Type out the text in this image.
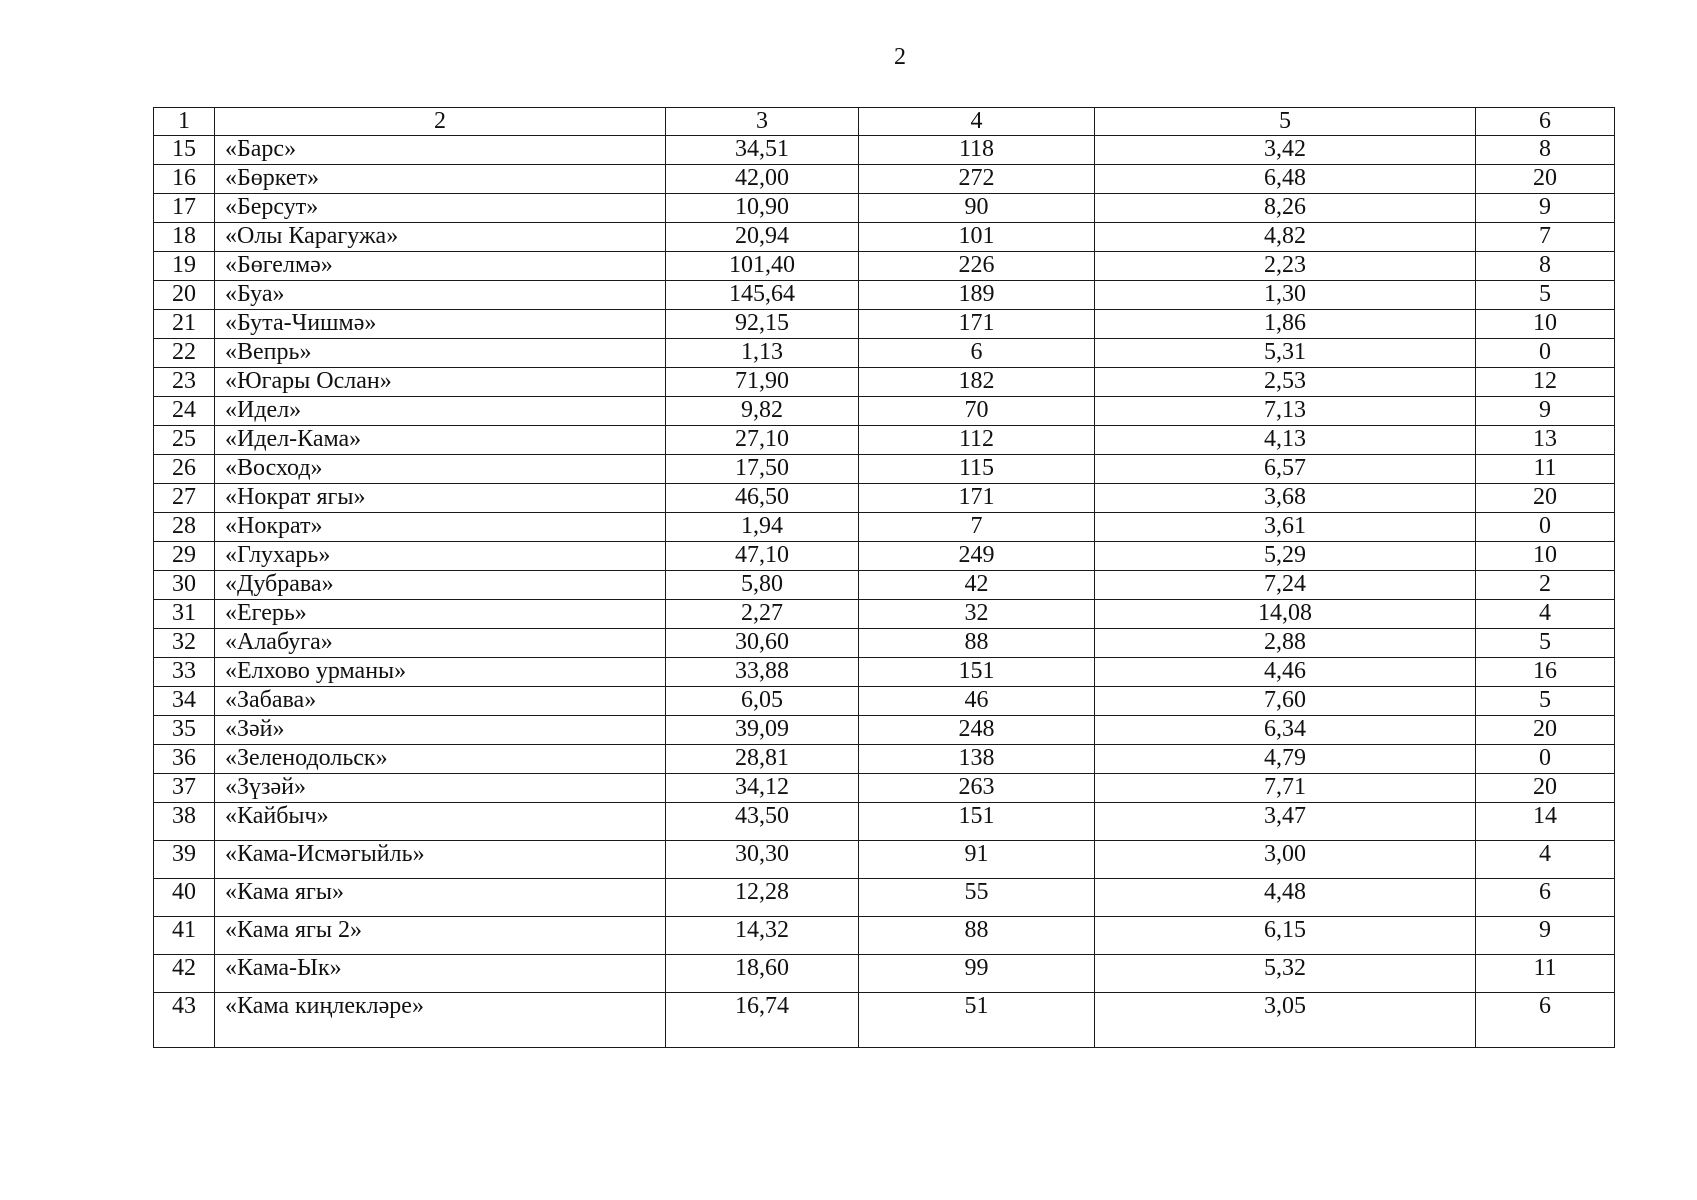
2
1	2	3	4	5	6
15	«Барс»	34,51	118	3,42	8
16	«Бөркет»	42,00	272	6,48	20
17	«Берсут»	10,90	90	8,26	9
18	«Олы Карагужа»	20,94	101	4,82	7
19	«Бөгелмә»	101,40	226	2,23	8
20	«Буа»	145,64	189	1,30	5
21	«Бута-Чишмә»	92,15	171	1,86	10
22	«Вепрь»	1,13	6	5,31	0
23	«Югары Ослан»	71,90	182	2,53	12
24	«Идел»	9,82	70	7,13	9
25	«Идел-Кама»	27,10	112	4,13	13
26	«Восход»	17,50	115	6,57	11
27	«Нократ ягы»	46,50	171	3,68	20
28	«Нократ»	1,94	7	3,61	0
29	«Глухарь»	47,10	249	5,29	10
30	«Дубрава»	5,80	42	7,24	2
31	«Егерь»	2,27	32	14,08	4
32	«Алабуга»	30,60	88	2,88	5
33	«Елхово урманы»	33,88	151	4,46	16
34	«Забава»	6,05	46	7,60	5
35	«Зәй»	39,09	248	6,34	20
36	«Зеленодольск»	28,81	138	4,79	0
37	«Зүзәй»	34,12	263	7,71	20
38	«Кайбыч»	43,50	151	3,47	14
39	«Кама-Исмәгыйль»	30,30	91	3,00	4
40	«Кама ягы»	12,28	55	4,48	6
41	«Кама ягы 2»	14,32	88	6,15	9
42	«Кама-Ык»	18,60	99	5,32	11
43	«Кама киңлекләре»	16,74	51	3,05	6
